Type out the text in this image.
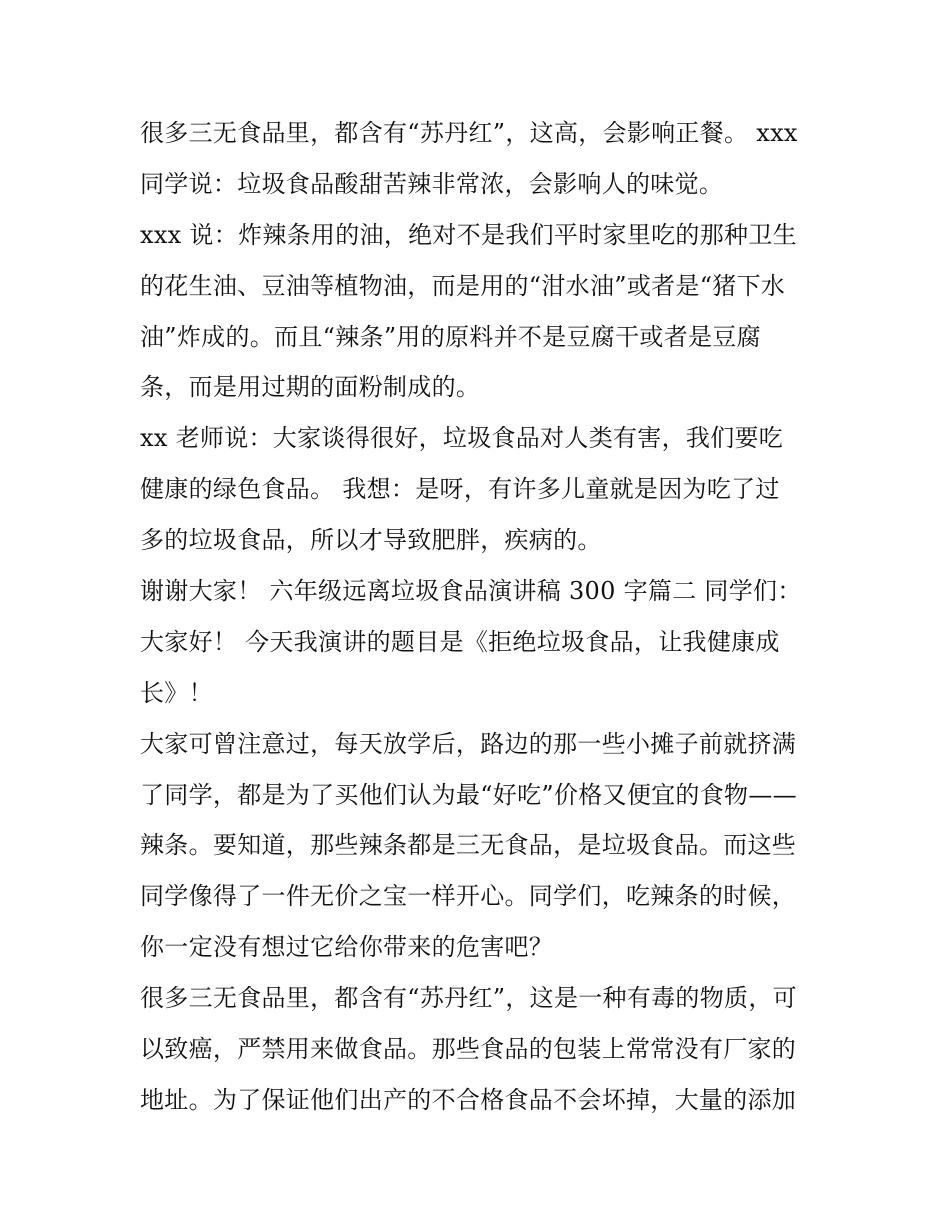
很多三无食品里，都含有“苏丹红”，这高，会影响正餐。 xxx
同学说：垃圾食品酸甜苦辣非常浓，会影响人的味觉。
xxx 说：炸辣条用的油，绝对不是我们平时家里吃的那种卫生
的花生油、豆油等植物油，而是用的“泔水油”或者是“猪下水
油”炸成的。而且“辣条”用的原料并不是豆腐干或者是豆腐
条，而是用过期的面粉制成的。
xx 老师说：大家谈得很好，垃圾食品对人类有害，我们要吃
健康的绿色食品。 我想：是呀，有许多儿童就是因为吃了过
多的垃圾食品，所以才导致肥胖，疾病的。
谢谢大家！ 六年级远离垃圾食品演讲稿 300 字篇二 同学们：
大家好！ 今天我演讲的题目是《拒绝垃圾食品，让我健康成
长》！
大家可曾注意过，每天放学后，路边的那一些小摊子前就挤满
了同学，都是为了买他们认为最“好吃”价格又便宜的食物——
辣条。要知道，那些辣条都是三无食品，是垃圾食品。而这些
同学像得了一件无价之宝一样开心。同学们，吃辣条的时候，
你一定没有想过它给你带来的危害吧？
很多三无食品里，都含有“苏丹红”，这是一种有毒的物质，可
以致癌，严禁用来做食品。那些食品的包装上常常没有厂家的
地址。为了保证他们出产的不合格食品不会坏掉，大量的添加
